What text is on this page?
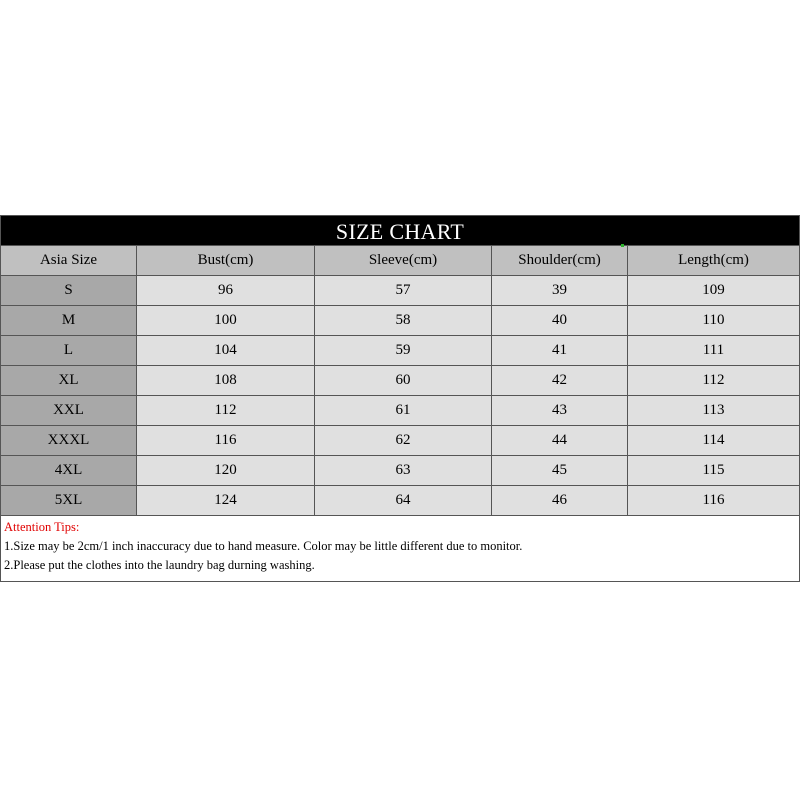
SIZE CHART
Asia Size	Bust(cm)	Sleeve(cm)	Shoulder(cm)	Length(cm)
S	96	57	39	109
M	100	58	40	110
L	104	59	41	111
XL	108	60	42	112
XXL	112	61	43	113
XXXL	116	62	44	114
4XL	120	63	45	115
5XL	124	64	46	116
Attention Tips:
1.Size may be 2cm/1 inch inaccuracy due to hand measure. Color may be little different due to monitor.
2.Please put the clothes into the laundry bag durning washing.
